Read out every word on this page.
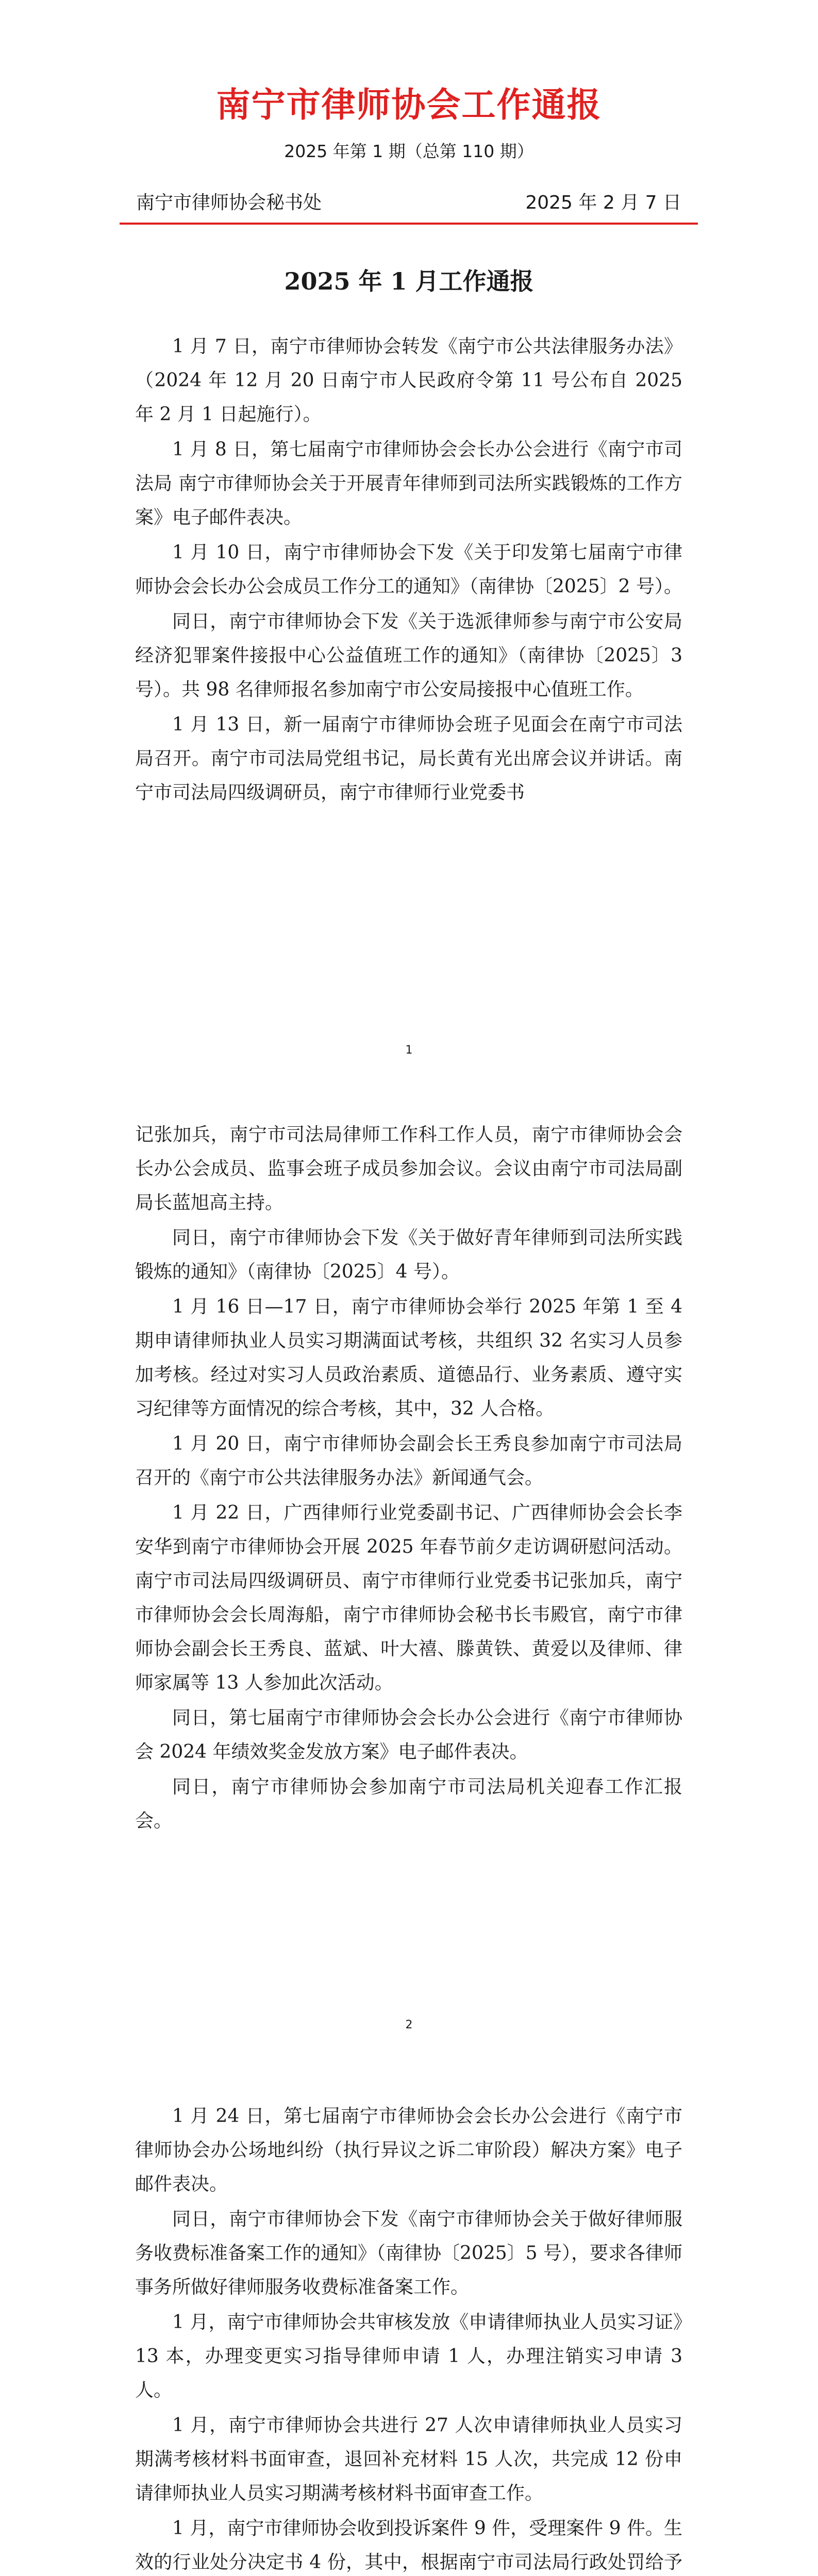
南宁市律师协会工作通报
2025 年第 1 期（总第 110 期）
南宁市律师协会秘书处	2025 年 2 月 7 日
2025 年 1 月工作通报

1 月 7 日，南宁市律师协会转发《南宁市公共法律服务办法》（2024 年 12 月 20 日南宁市人民政府令第 11 号公布自 2025 年 2 月 1 日起施行）。

1 月 8 日，第七届南宁市律师协会会长办公会进行《南宁市司法局 南宁市律师协会关于开展青年律师到司法所实践锻炼的工作方案》电子邮件表决。

1 月 10 日，南宁市律师协会下发《关于印发第七届南宁市律师协会会长办公会成员工作分工的通知》（南律协〔2025〕2 号）。

同日，南宁市律师协会下发《关于选派律师参与南宁市公安局经济犯罪案件接报中心公益值班工作的通知》（南律协〔2025〕3 号）。共 98 名律师报名参加南宁市公安局接报中心值班工作。

1 月 13 日，新一届南宁市律师协会班子见面会在南宁市司法局召开。南宁市司法局党组书记，局长黄有光出席会议并讲话。南宁市司法局四级调研员，南宁市律师行业党委书

1

记张加兵，南宁市司法局律师工作科工作人员，南宁市律师协会会长办公会成员、监事会班子成员参加会议。会议由南宁市司法局副局长蓝旭高主持。

同日，南宁市律师协会下发《关于做好青年律师到司法所实践锻炼的通知》（南律协〔2025〕4 号）。

1 月 16 日—17 日，南宁市律师协会举行 2025 年第 1 至 4 期申请律师执业人员实习期满面试考核，共组织 32 名实习人员参加考核。经过对实习人员政治素质、道德品行、业务素质、遵守实习纪律等方面情况的综合考核，其中，32 人合格。

1 月 20 日，南宁市律师协会副会长王秀良参加南宁市司法局召开的《南宁市公共法律服务办法》新闻通气会。

1 月 22 日，广西律师行业党委副书记、广西律师协会会长李安华到南宁市律师协会开展 2025 年春节前夕走访调研慰问活动。南宁市司法局四级调研员、南宁市律师行业党委书记张加兵，南宁市律师协会会长周海船，南宁市律师协会秘书长韦殿官，南宁市律师协会副会长王秀良、蓝斌、叶大禧、滕黄铁、黄爱以及律师、律师家属等 13 人参加此次活动。

同日，第七届南宁市律师协会会长办公会进行《南宁市律师协会 2024 年绩效奖金发放方案》电子邮件表决。

同日，南宁市律师协会参加南宁市司法局机关迎春工作汇报会。

2

1 月 24 日，第七届南宁市律师协会会长办公会进行《南宁市律师协会办公场地纠纷（执行异议之诉二审阶段）解决方案》电子邮件表决。

同日，南宁市律师协会下发《南宁市律师协会关于做好律师服务收费标准备案工作的通知》（南律协〔2025〕5 号），要求各律师事务所做好律师服务收费标准备案工作。

1 月，南宁市律师协会共审核发放《申请律师执业人员实习证》13 本，办理变更实习指导律师申请 1 人，办理注销实习申请 3 人。

1 月，南宁市律师协会共进行 27 人次申请律师执业人员实习期满考核材料书面审查，退回补充材料 15 人次，共完成 12 份申请律师执业人员实习期满考核材料书面审查工作。

1 月，南宁市律师协会收到投诉案件 9 件，受理案件 9 件。生效的行业处分决定书 4 份，其中，根据南宁市司法局行政处罚给予
